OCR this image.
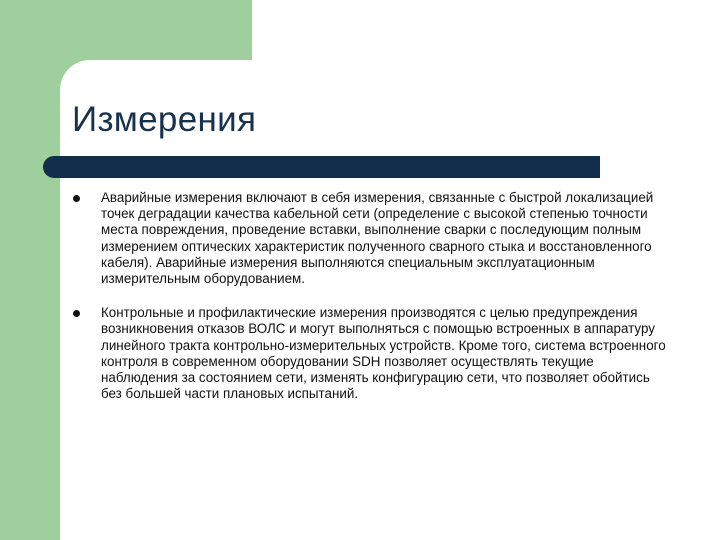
Измерения

Аварийные измерения включают в себя измерения, связанные с быстрой локализацией точек деградации качества кабельной сети (определение с высокой степенью точности места повреждения, проведение вставки, выполнение сварки с последующим полным измерением оптических характеристик полученного сварного стыка и восстановленного кабеля). Аварийные измерения выполняются специальным эксплуатационным измерительным оборудованием.

Контрольные и профилактические измерения производятся с целью предупреждения возникновения отказов ВОЛС и могут выполняться с помощью встроенных в аппаратуру линейного тракта контрольно-измерительных устройств. Кроме того, система встроенного контроля в современном оборудовании SDH позволяет осуществлять текущие наблюдения за состоянием сети, изменять конфигурацию сети, что позволяет обойтись без большей части плановых испытаний.
